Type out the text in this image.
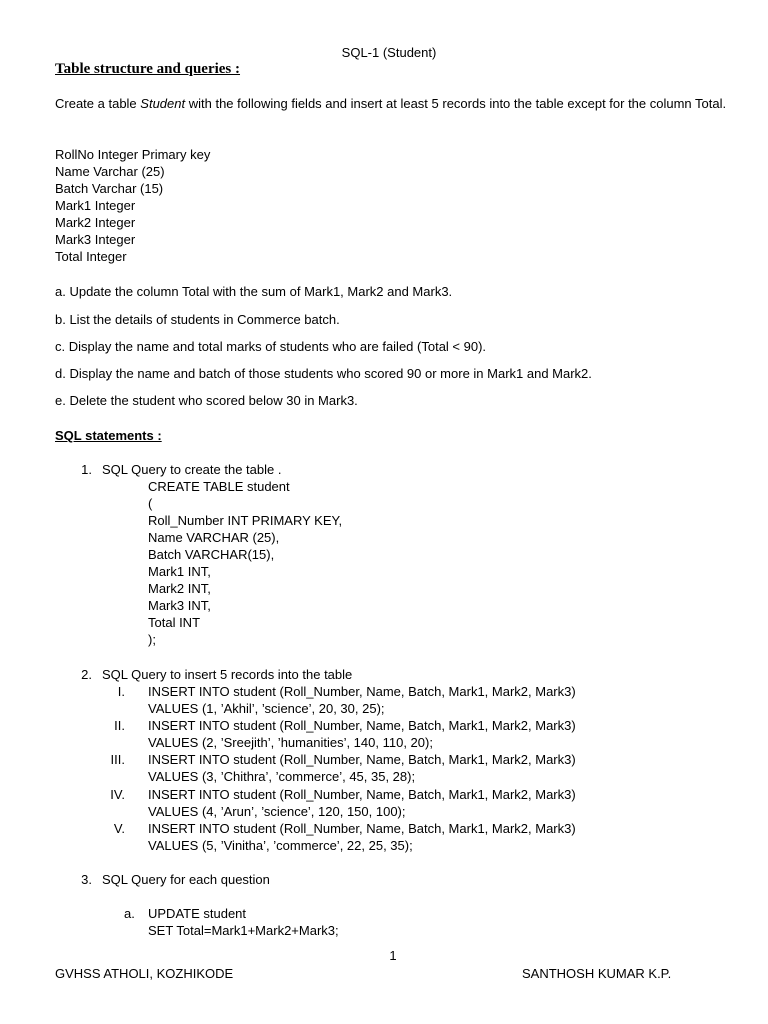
SQL-1 (Student)
Table structure and queries :
Create a table Student with the following fields and insert at least 5 records into the table except for the column Total.
RollNo Integer Primary key
Name Varchar (25)
Batch Varchar (15)
Mark1 Integer
Mark2 Integer
Mark3 Integer
Total Integer
a. Update the column Total with the sum of Mark1, Mark2 and Mark3.
b. List the details of students in Commerce batch.
c. Display the name and total marks of students who are failed (Total < 90).
d. Display the name and batch of those students who scored 90 or more in Mark1 and Mark2.
e. Delete the student who scored below 30 in Mark3.
SQL statements :
1. SQL Query to create the table .
CREATE TABLE student
(
Roll_Number INT PRIMARY KEY,
Name VARCHAR (25),
Batch VARCHAR(15),
Mark1 INT,
Mark2 INT,
Mark3 INT,
Total INT
);
2. SQL Query to insert 5 records into the table
I. INSERT INTO student (Roll_Number, Name, Batch, Mark1, Mark2, Mark3)
VALUES (1, ’Akhil’, ’science’, 20, 30, 25);
II. INSERT INTO student (Roll_Number, Name, Batch, Mark1, Mark2, Mark3)
VALUES (2, ’Sreejith’, ’humanities’, 140, 110, 20);
III. INSERT INTO student (Roll_Number, Name, Batch, Mark1, Mark2, Mark3)
VALUES (3, ’Chithra’, ’commerce’, 45, 35, 28);
IV. INSERT INTO student (Roll_Number, Name, Batch, Mark1, Mark2, Mark3)
VALUES (4, ’Arun’, ’science’, 120, 150, 100);
V. INSERT INTO student (Roll_Number, Name, Batch, Mark1, Mark2, Mark3)
VALUES (5, ’Vinitha’, ’commerce’, 22, 25, 35);
3. SQL Query for each question
a. UPDATE student
SET Total=Mark1+Mark2+Mark3;
1
GVHSS ATHOLI, KOZHIKODE	SANTHOSH KUMAR K.P.
